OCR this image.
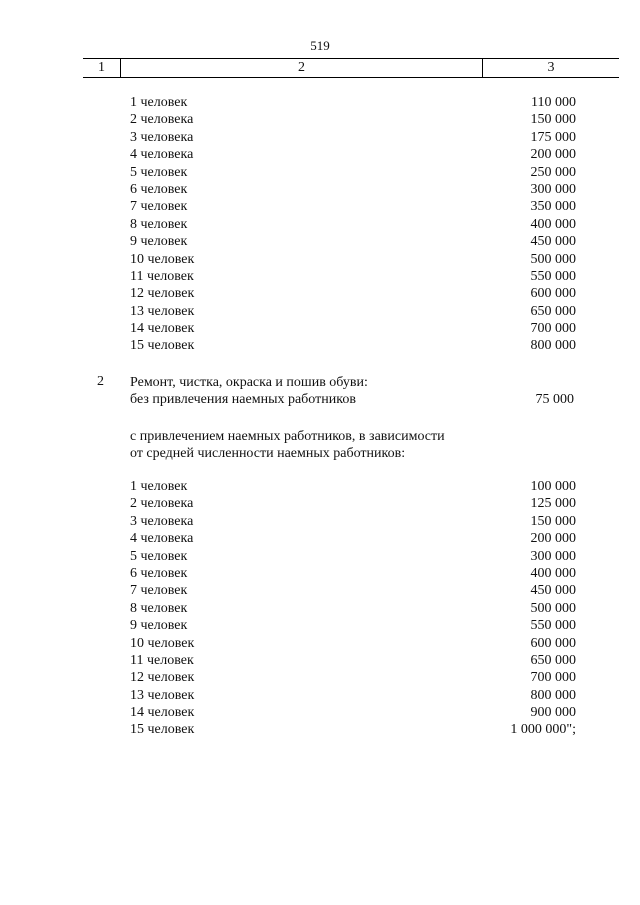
519
1	2	3
1 человек	110 000
2 человека	150 000
3 человека	175 000
4 человека	200 000
5 человек	250 000
6 человек	300 000
7 человек	350 000
8 человек	400 000
9 человек	450 000
10 человек	500 000
11 человек	550 000
12 человек	600 000
13 человек	650 000
14 человек	700 000
15 человек	800 000
2 Ремонт, чистка, окраска и пошив обуви:
без привлечения наемных работников	75 000
с привлечением наемных работников, в зависимости
от средней численности наемных работников:
1 человек	100 000
2 человека	125 000
3 человека	150 000
4 человека	200 000
5 человек	300 000
6 человек	400 000
7 человек	450 000
8 человек	500 000
9 человек	550 000
10 человек	600 000
11 человек	650 000
12 человек	700 000
13 человек	800 000
14 человек	900 000
15 человек	1 000 000";
